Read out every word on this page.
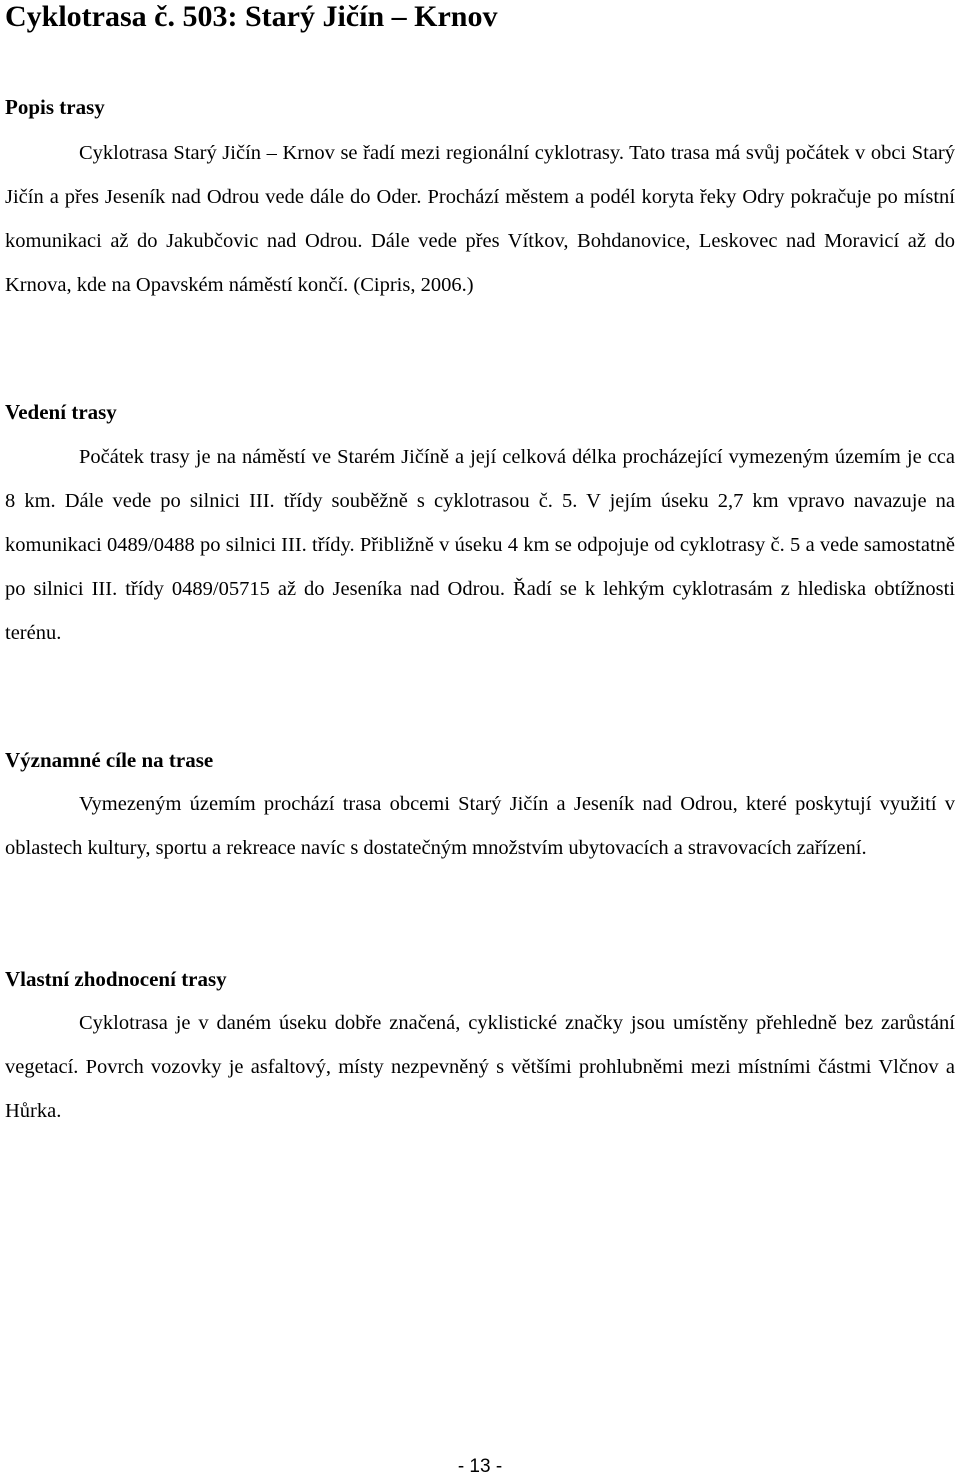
Cyklotrasa č. 503: Starý Jičín – Krnov
Popis trasy

Cyklotrasa Starý Jičín – Krnov se řadí mezi regionální cyklotrasy. Tato trasa má svůj počátek v obci Starý Jičín a přes Jeseník nad Odrou vede dále do Oder. Prochází městem a podél koryta řeky Odry pokračuje po místní komunikaci až do Jakubčovic nad Odrou. Dále vede přes Vítkov, Bohdanovice, Leskovec nad Moravicí až do Krnova, kde na Opavském náměstí končí. (Cipris, 2006.)

Vedení trasy

Počátek trasy je na náměstí ve Starém Jičíně a její celková délka procházející vymezeným územím je cca 8 km. Dále vede po silnici III. třídy souběžně s cyklotrasou č. 5. V jejím úseku 2,7 km vpravo navazuje na komunikaci 0489/0488 po silnici III. třídy. Přibližně v úseku 4 km se odpojuje od cyklotrasy č. 5 a vede samostatně po silnici III. třídy 0489/05715 až do Jeseníka nad Odrou. Řadí se k lehkým cyklotrasám z hlediska obtížnosti terénu.

Významné cíle na trase

Vymezeným územím prochází trasa obcemi Starý Jičín a Jeseník nad Odrou, které poskytují využití v oblastech kultury, sportu a rekreace navíc s dostatečným množstvím ubytovacích a stravovacích zařízení.

Vlastní zhodnocení trasy

Cyklotrasa je v daném úseku dobře značená, cyklistické značky jsou umístěny přehledně bez zarůstání vegetací. Povrch vozovky je asfaltový, místy nezpevněný s většími prohlubněmi mezi místními částmi Vlčnov a Hůrka.

- 13 -
